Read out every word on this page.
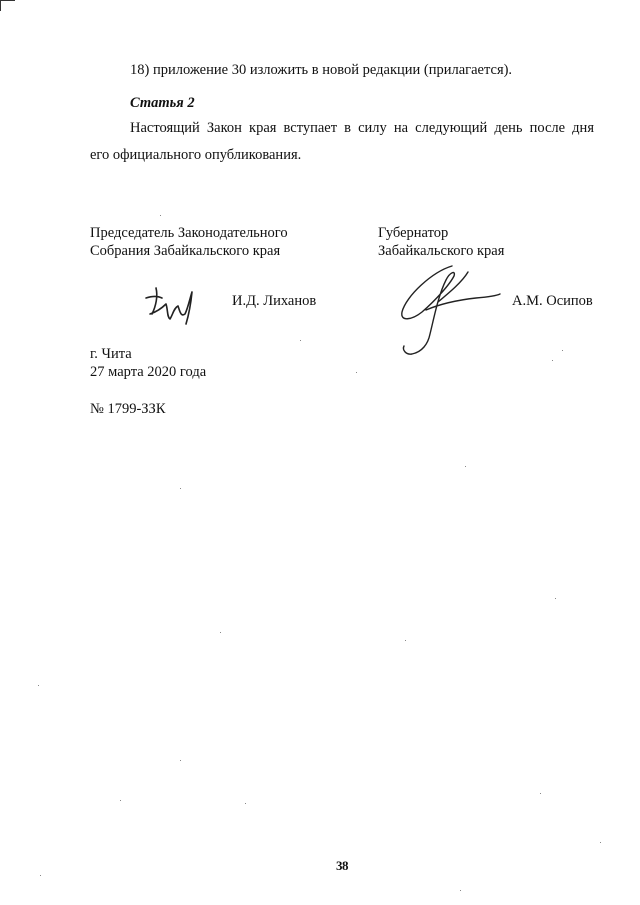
18) приложение 30 изложить в новой редакции (прилагается).
Статья 2
Настоящий Закон края вступает в силу на следующий день после дня
его официального опубликования.
Председатель Законодательного
Собрания Забайкальского края
И.Д. Лиханов
Губернатор
Забайкальского края
А.М. Осипов
г. Чита
27 марта 2020 года
№ 1799-ЗЗК
38
